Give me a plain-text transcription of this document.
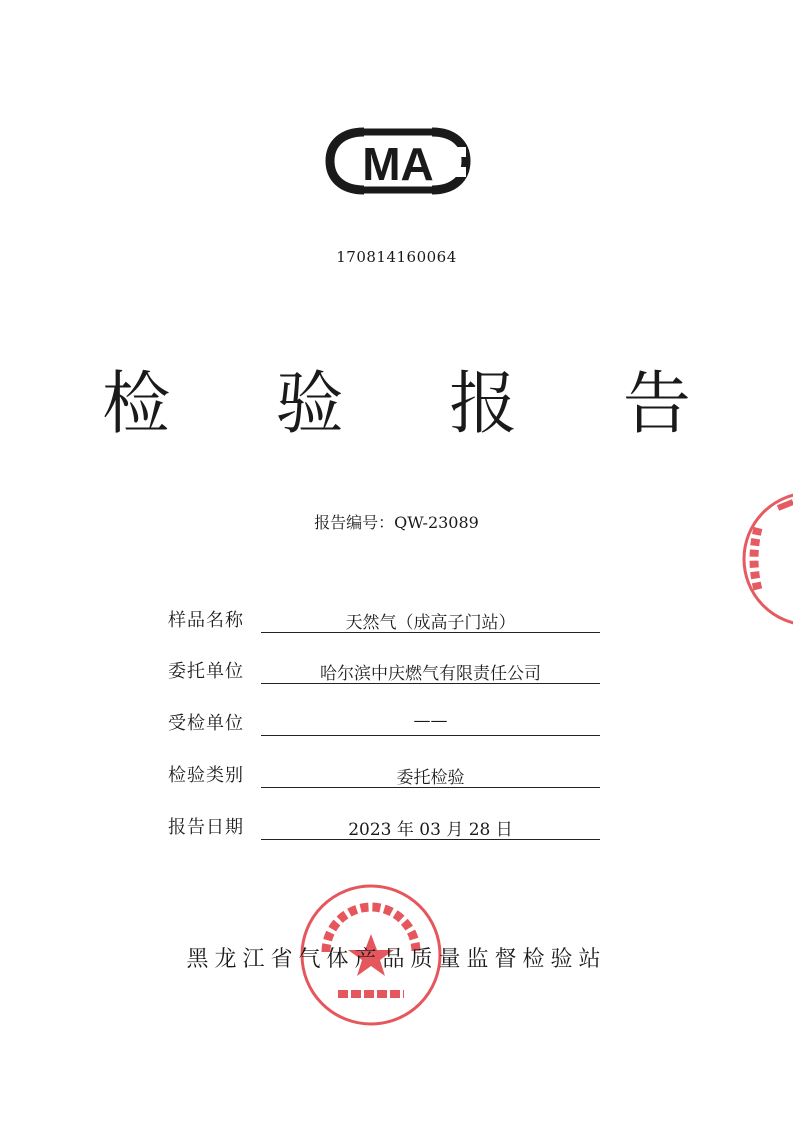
MA
170814160064
检 验 报 告
报告编号：QW-23089
样品名称	天然气（成高子门站）
委托单位	哈尔滨中庆燃气有限责任公司
受检单位	——
检验类别	委托检验
报告日期	2023 年 03 月 28 日
黑龙江省气体产品质量监督检验站
